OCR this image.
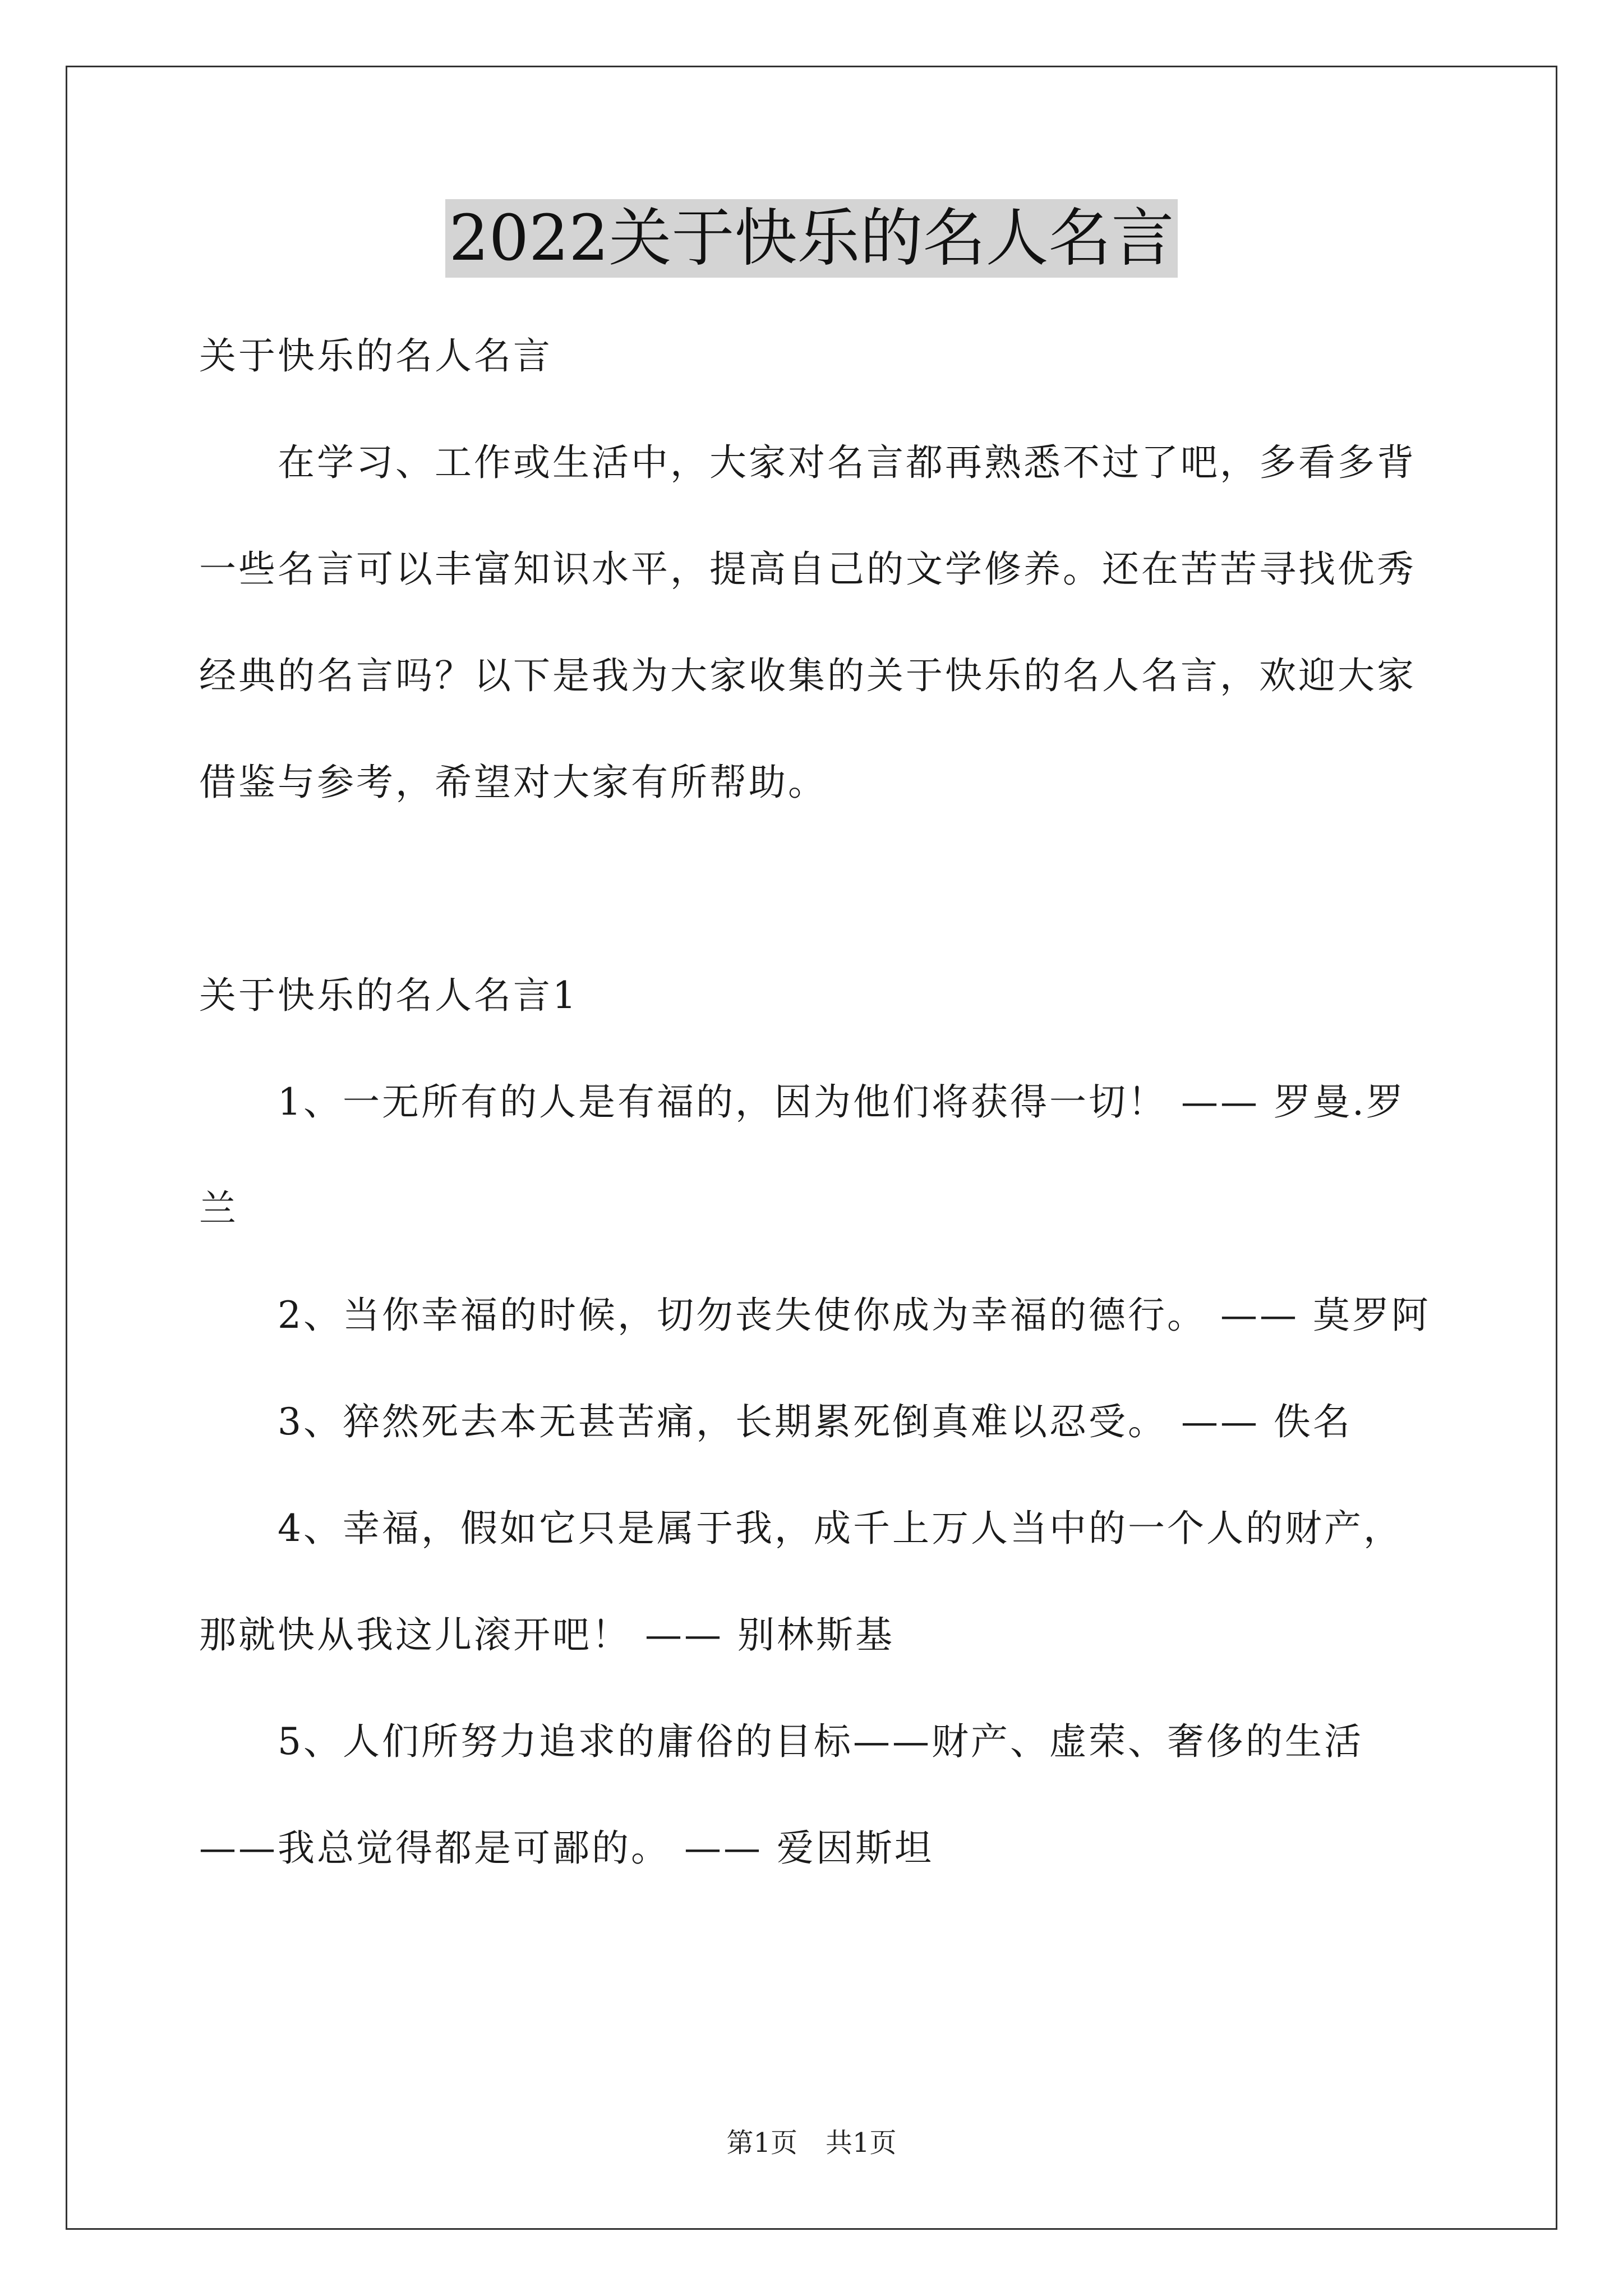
2022关于快乐的名人名言

关于快乐的名人名言

在学习、工作或生活中，大家对名言都再熟悉不过了吧，多看多背一些名言可以丰富知识水平，提高自己的文学修养。还在苦苦寻找优秀经典的名言吗？以下是我为大家收集的关于快乐的名人名言，欢迎大家借鉴与参考，希望对大家有所帮助。

关于快乐的名人名言1

1、一无所有的人是有福的，因为他们将获得一切！ —— 罗曼.罗兰

2、当你幸福的时候，切勿丧失使你成为幸福的德行。 —— 莫罗阿

3、猝然死去本无甚苦痛，长期累死倒真难以忍受。 —— 佚名

4、幸福，假如它只是属于我，成千上万人当中的一个人的财产，那就快从我这儿滚开吧！ —— 别林斯基

5、人们所努力追求的庸俗的目标——财产、虚荣、奢侈的生活——我总觉得都是可鄙的。 —— 爱因斯坦

第1页 共1页
